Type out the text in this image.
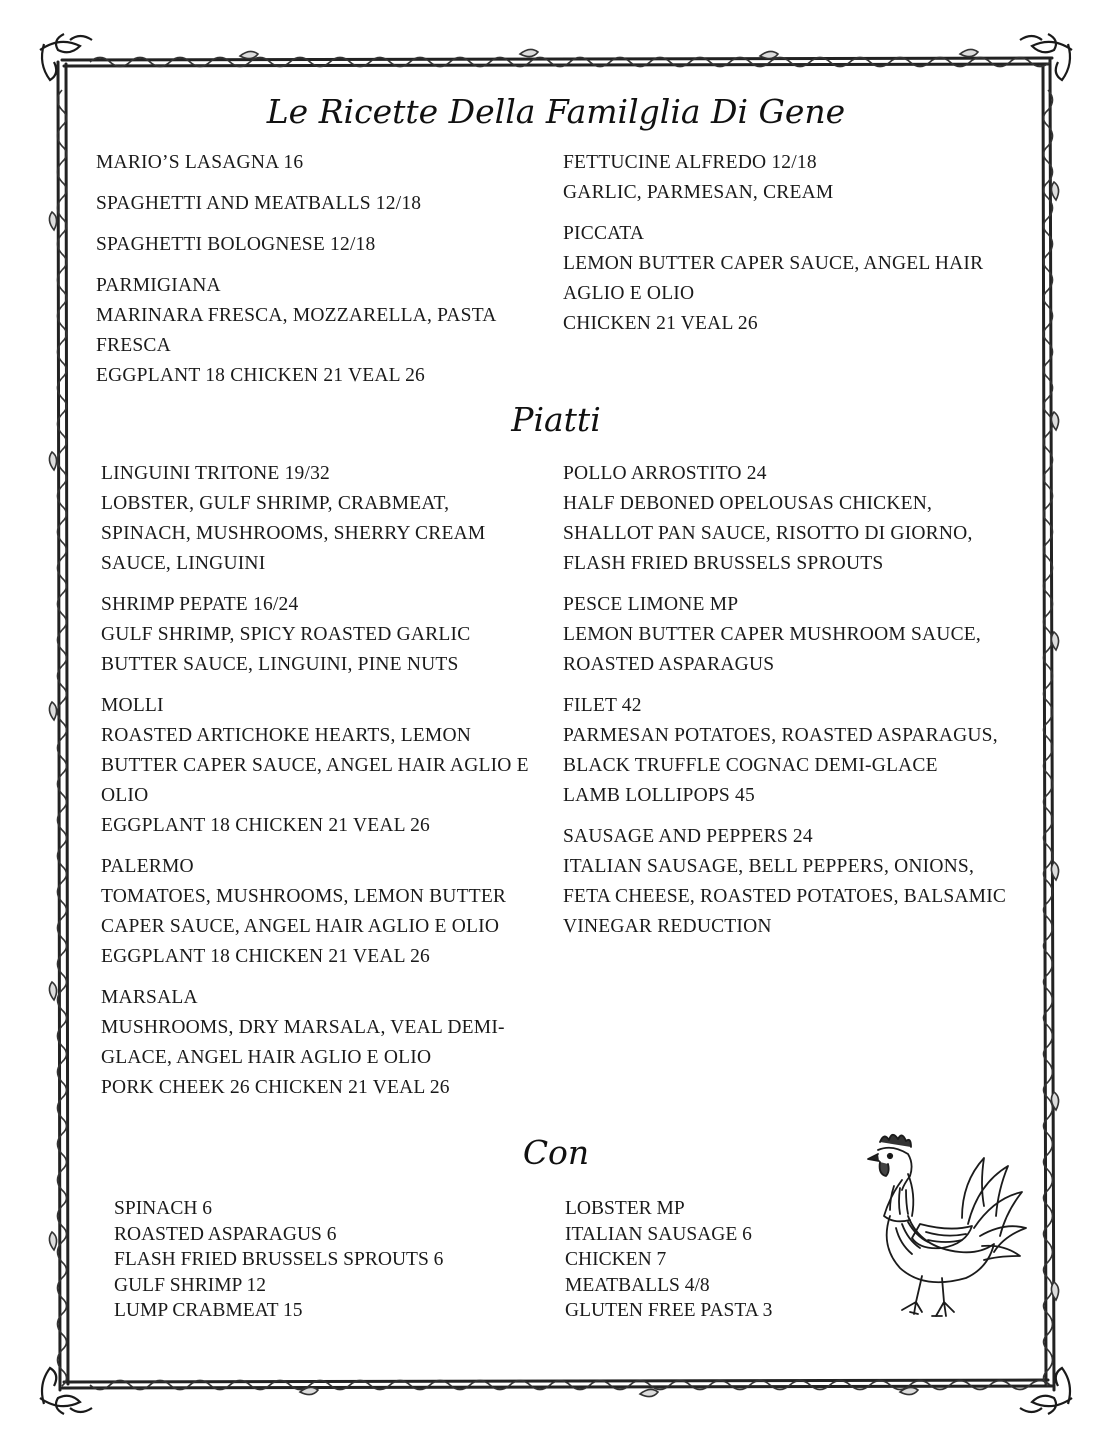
Le Ricette Della Familglia Di Gene
MARIO’S LASAGNA 16
SPAGHETTI AND MEATBALLS 12/18
SPAGHETTI BOLOGNESE 12/18
PARMIGIANA
MARINARA FRESCA, MOZZARELLA, PASTA FRESCA
EGGPLANT 18 CHICKEN 21 VEAL 26
FETTUCINE ALFREDO 12/18
GARLIC, PARMESAN, CREAM
PICCATA
LEMON BUTTER CAPER SAUCE, ANGEL HAIR AGLIO E OLIO
CHICKEN 21 VEAL 26
Piatti
LINGUINI TRITONE 19/32
LOBSTER, GULF SHRIMP, CRABMEAT, SPINACH, MUSHROOMS, SHERRY CREAM SAUCE, LINGUINI
SHRIMP PEPATE 16/24
GULF SHRIMP, SPICY ROASTED GARLIC BUTTER SAUCE, LINGUINI, PINE NUTS
MOLLI
ROASTED ARTICHOKE HEARTS, LEMON BUTTER CAPER SAUCE, ANGEL HAIR AGLIO E OLIO
EGGPLANT 18 CHICKEN 21 VEAL 26
PALERMO
TOMATOES, MUSHROOMS, LEMON BUTTER CAPER SAUCE, ANGEL HAIR AGLIO E OLIO
EGGPLANT 18 CHICKEN 21 VEAL 26
MARSALA
MUSHROOMS, DRY MARSALA, VEAL DEMI-GLACE, ANGEL HAIR AGLIO E OLIO
PORK CHEEK 26 CHICKEN 21 VEAL 26
POLLO ARROSTITO 24
HALF DEBONED OPELOUSAS CHICKEN, SHALLOT PAN SAUCE, RISOTTO DI GIORNO, FLASH FRIED BRUSSELS SPROUTS
PESCE LIMONE MP
LEMON BUTTER CAPER MUSHROOM SAUCE, ROASTED ASPARAGUS
FILET 42
PARMESAN POTATOES, ROASTED ASPARAGUS, BLACK TRUFFLE COGNAC DEMI-GLACE
LAMB LOLLIPOPS 45
SAUSAGE AND PEPPERS 24
ITALIAN SAUSAGE, BELL PEPPERS, ONIONS, FETA CHEESE, ROASTED POTATOES, BALSAMIC VINEGAR REDUCTION
Con
SPINACH 6
ROASTED ASPARAGUS 6
FLASH FRIED BRUSSELS SPROUTS 6
GULF SHRIMP 12
LUMP CRABMEAT 15
LOBSTER MP
ITALIAN SAUSAGE 6
CHICKEN 7
MEATBALLS 4/8
GLUTEN FREE PASTA 3
